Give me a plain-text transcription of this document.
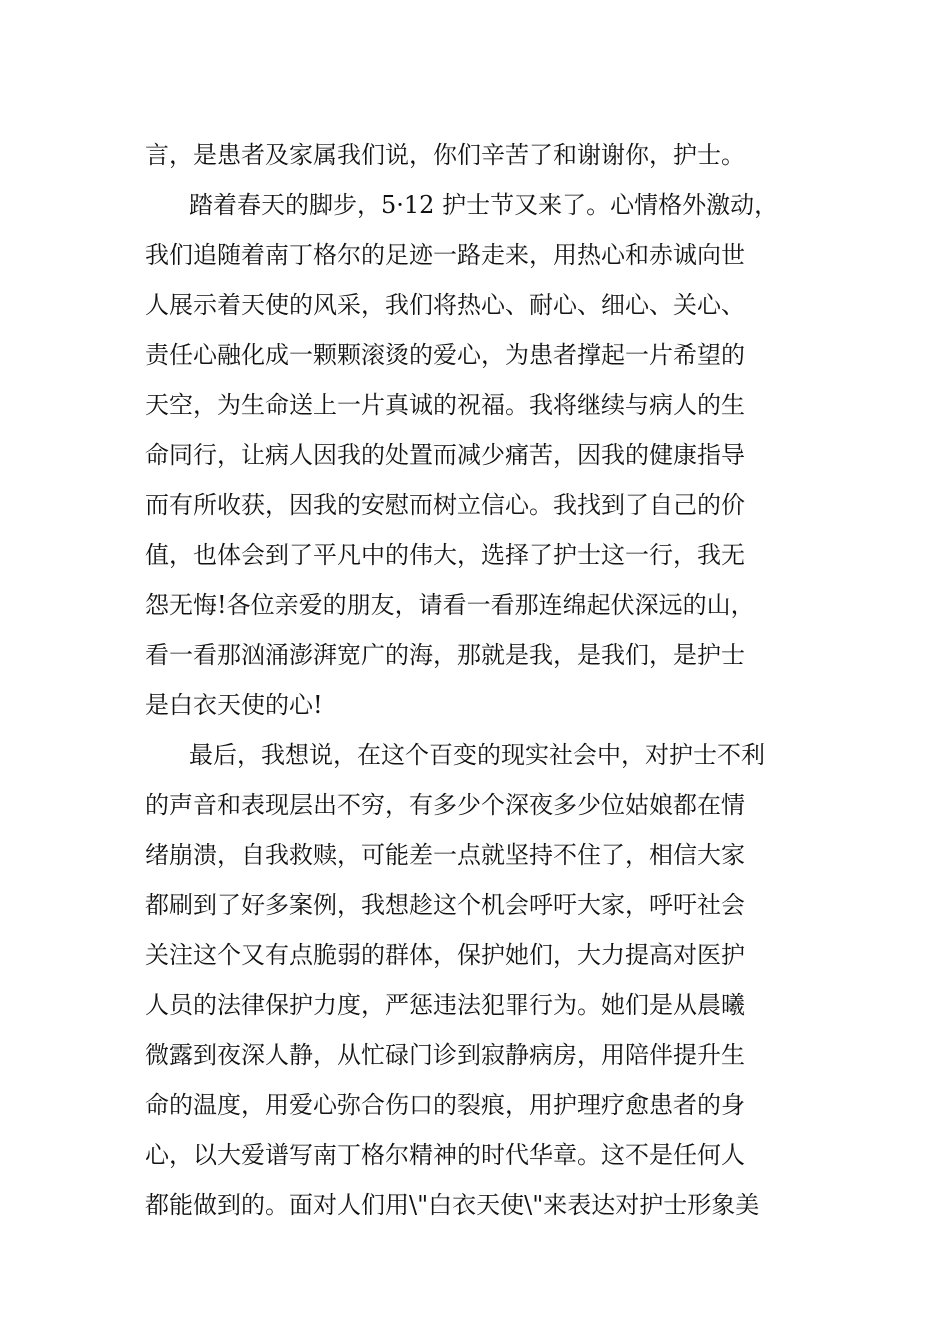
言，是患者及家属我们说，你们辛苦了和谢谢你，护士。
踏着春天的脚步，5·12 护士节又来了。心情格外激动，
我们追随着南丁格尔的足迹一路走来，用热心和赤诚向世
人展示着天使的风采，我们将热心、耐心、细心、关心、
责任心融化成一颗颗滚烫的爱心，为患者撑起一片希望的
天空，为生命送上一片真诚的祝福。我将继续与病人的生
命同行，让病人因我的处置而减少痛苦，因我的健康指导
而有所收获，因我的安慰而树立信心。我找到了自己的价
值，也体会到了平凡中的伟大，选择了护士这一行，我无
怨无悔!各位亲爱的朋友，请看一看那连绵起伏深远的山，
看一看那汹涌澎湃宽广的海，那就是我，是我们，是护士
是白衣天使的心!
最后，我想说，在这个百变的现实社会中，对护士不利
的声音和表现层出不穷，有多少个深夜多少位姑娘都在情
绪崩溃，自我救赎，可能差一点就坚持不住了，相信大家
都刷到了好多案例，我想趁这个机会呼吁大家，呼吁社会
关注这个又有点脆弱的群体，保护她们，大力提高对医护
人员的法律保护力度，严惩违法犯罪行为。她们是从晨曦
微露到夜深人静，从忙碌门诊到寂静病房，用陪伴提升生
命的温度，用爱心弥合伤口的裂痕，用护理疗愈患者的身
心，以大爱谱写南丁格尔精神的时代华章。这不是任何人
都能做到的。面对人们用\"白衣天使\"来表达对护士形象美
